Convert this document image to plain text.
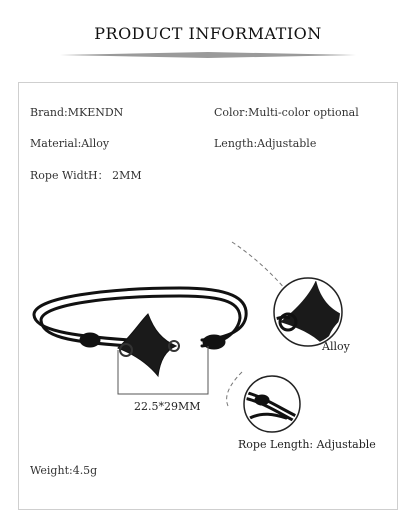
PRODUCT INFORMATION
Brand:MKENDN	Color:Multi-color optional
Material:Alloy	Length:Adjustable
Rope WidtH： 2MM
22.5*29MM
Alloy
Rope Length: Adjustable
Weight:4.5g
